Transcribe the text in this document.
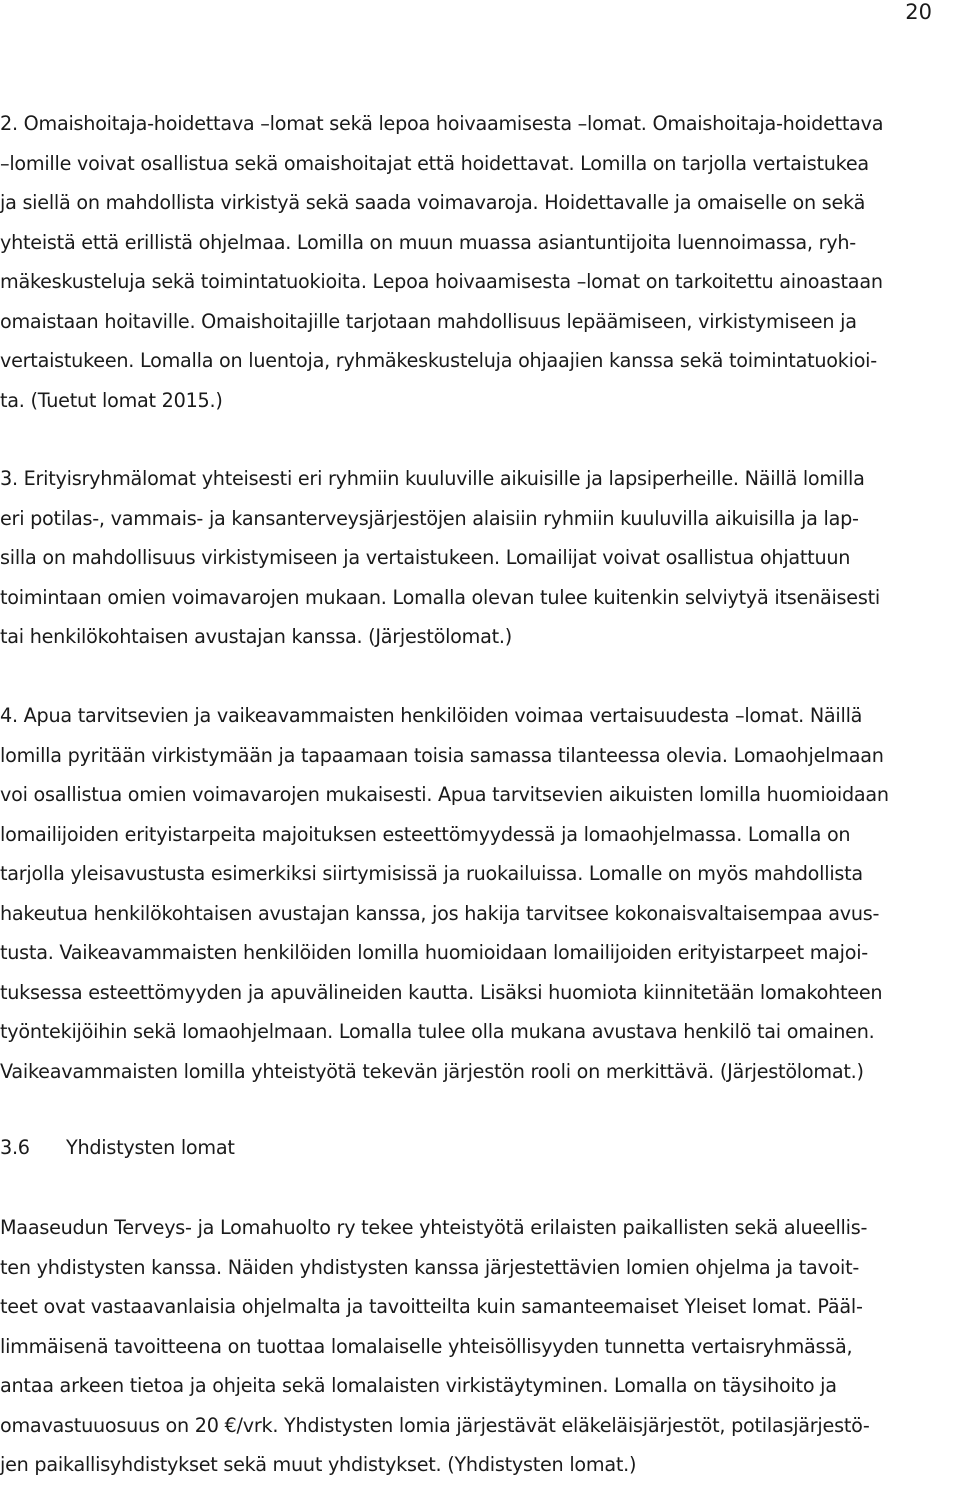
20
2. Omaishoitaja-hoidettava –lomat sekä lepoa hoivaamisesta –lomat. Omaishoitaja-hoidettava
–lomille voivat osallistua sekä omaishoitajat että hoidettavat. Lomilla on tarjolla vertaistukea
ja siellä on mahdollista virkistyä sekä saada voimavaroja. Hoidettavalle ja omaiselle on sekä
yhteistä että erillistä ohjelmaa. Lomilla on muun muassa asiantuntijoita luennoimassa, ryh-
mäkeskusteluja sekä toimintatuokioita. Lepoa hoivaamisesta –lomat on tarkoitettu ainoastaan
omaistaan hoitaville. Omaishoitajille tarjotaan mahdollisuus lepäämiseen, virkistymiseen ja
vertaistukeen. Lomalla on luentoja, ryhmäkeskusteluja ohjaajien kanssa sekä toimintatuokioi-
ta. (Tuetut lomat 2015.)
3. Erityisryhmälomat yhteisesti eri ryhmiin kuuluville aikuisille ja lapsiperheille. Näillä lomilla
eri potilas-, vammais- ja kansanterveysjärjestöjen alaisiin ryhmiin kuuluvilla aikuisilla ja lap-
silla on mahdollisuus virkistymiseen ja vertaistukeen. Lomailijat voivat osallistua ohjattuun
toimintaan omien voimavarojen mukaan. Lomalla olevan tulee kuitenkin selviytyä itsenäisesti
tai henkilökohtaisen avustajan kanssa. (Järjestölomat.)
4. Apua tarvitsevien ja vaikeavammaisten henkilöiden voimaa vertaisuudesta –lomat. Näillä
lomilla pyritään virkistymään ja tapaamaan toisia samassa tilanteessa olevia. Lomaohjelmaan
voi osallistua omien voimavarojen mukaisesti. Apua tarvitsevien aikuisten lomilla huomioidaan
lomailijoiden erityistarpeita majoituksen esteettömyydessä ja lomaohjelmassa. Lomalla on
tarjolla yleisavustusta esimerkiksi siirtymisissä ja ruokailuissa. Lomalle on myös mahdollista
hakeutua henkilökohtaisen avustajan kanssa, jos hakija tarvitsee kokonaisvaltaisempaa avus-
tusta. Vaikeavammaisten henkilöiden lomilla huomioidaan lomailijoiden erityistarpeet majoi-
tuksessa esteettömyyden ja apuvälineiden kautta. Lisäksi huomiota kiinnitetään lomakohteen
työntekijöihin sekä lomaohjelmaan. Lomalla tulee olla mukana avustava henkilö tai omainen.
Vaikeavammaisten lomilla yhteistyötä tekevän järjestön rooli on merkittävä. (Järjestölomat.)
3.6 Yhdistysten lomat
Maaseudun Terveys- ja Lomahuolto ry tekee yhteistyötä erilaisten paikallisten sekä alueellis-
ten yhdistysten kanssa. Näiden yhdistysten kanssa järjestettävien lomien ohjelma ja tavoit-
teet ovat vastaavanlaisia ohjelmalta ja tavoitteilta kuin samanteemaiset Yleiset lomat. Pääl-
limmäisenä tavoitteena on tuottaa lomalaiselle yhteisöllisyyden tunnetta vertaisryhmässä,
antaa arkeen tietoa ja ohjeita sekä lomalaisten virkistäytyminen. Lomalla on täysihoito ja
omavastuuosuus on 20 €/vrk. Yhdistysten lomia järjestävät eläkeläisjärjestöt, potilasjärjestö-
jen paikallisyhdistykset sekä muut yhdistykset. (Yhdistysten lomat.)
